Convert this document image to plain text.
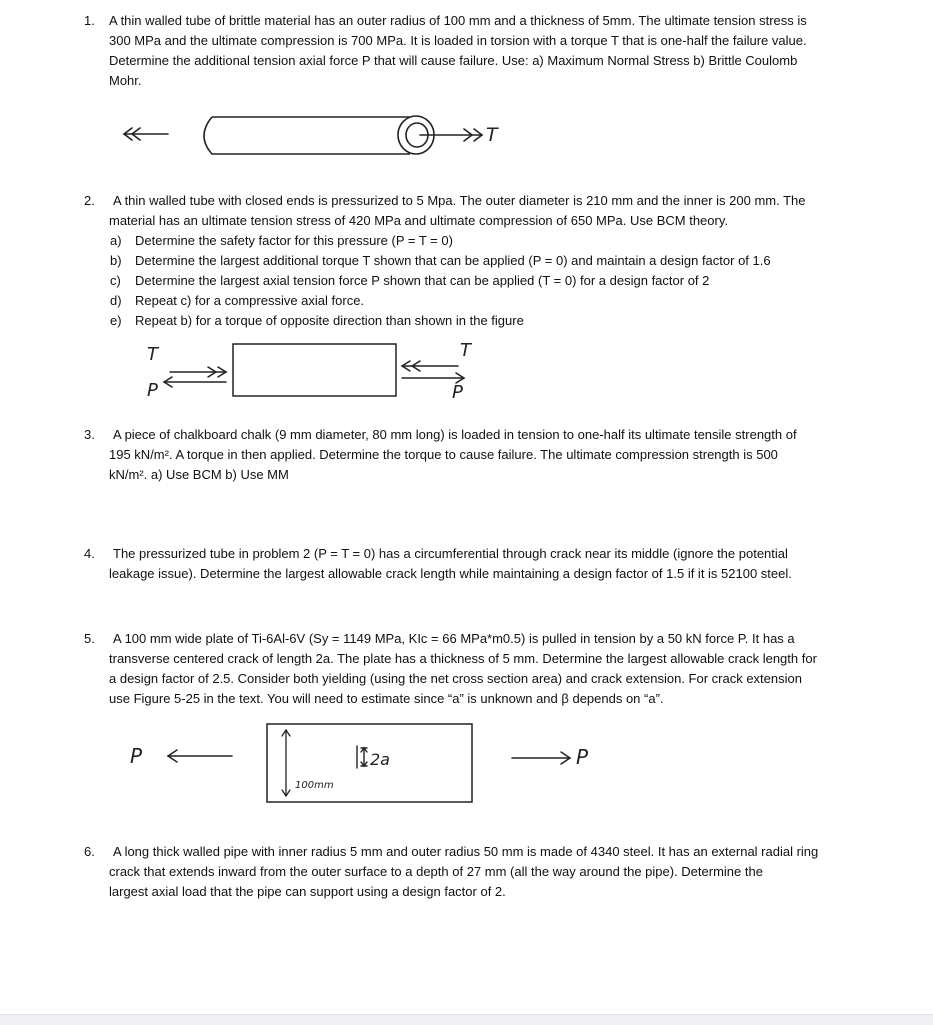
1. A thin walled tube of brittle material has an outer radius of 100 mm and a thickness of 5mm. The ultimate tension stress is
300 MPa and the ultimate compression is 700 MPa. It is loaded in torsion with a torque T that is one-half the failure value.
Determine the additional tension axial force P that will cause failure. Use: a) Maximum Normal Stress b) Brittle Coulomb
Mohr.
T
2.	A thin walled tube with closed ends is pressurized to 5 Mpa. The outer diameter is 210 mm and the inner is 200 mm. The
material has an ultimate tension stress of 420 MPa and ultimate compression of 650 MPa. Use BCM theory.
a) Determine the safety factor for this pressure (P = T = 0)
b) Determine the largest additional torque T shown that can be applied (P = 0) and maintain a design factor of 1.6
c) Determine the largest axial tension force P shown that can be applied (T = 0) for a design factor of 2
d) Repeat c) for a compressive axial force.
e) Repeat b) for a torque of opposite direction than shown in the figure
T
P
T
P
3.	A piece of chalkboard chalk (9 mm diameter, 80 mm long) is loaded in tension to one-half its ultimate tensile strength of
195 kN/m². A torque in then applied. Determine the torque to cause failure. The ultimate compression strength is 500
kN/m². a) Use BCM b) Use MM
4.	The pressurized tube in problem 2 (P = T = 0) has a circumferential through crack near its middle (ignore the potential
leakage issue). Determine the largest allowable crack length while maintaining a design factor of 1.5 if it is 52100 steel.
5.	A 100 mm wide plate of Ti-6Al-6V (Sy = 1149 MPa, KIc = 66 MPa*m0.5) is pulled in tension by a 50 kN force P. It has a
transverse centered crack of length 2a. The plate has a thickness of 5 mm. Determine the largest allowable crack length for
a design factor of 2.5. Consider both yielding (using the net cross section area) and crack extension. For crack extension
use Figure 5-25 in the text. You will need to estimate since “a” is unknown and β depends on “a”.
P
100mm
2a	P
6.	A long thick walled pipe with inner radius 5 mm and outer radius 50 mm is made of 4340 steel. It has an external radial ring
crack that extends inward from the outer surface to a depth of 27 mm (all the way around the pipe). Determine the
largest axial load that the pipe can support using a design factor of 2.
